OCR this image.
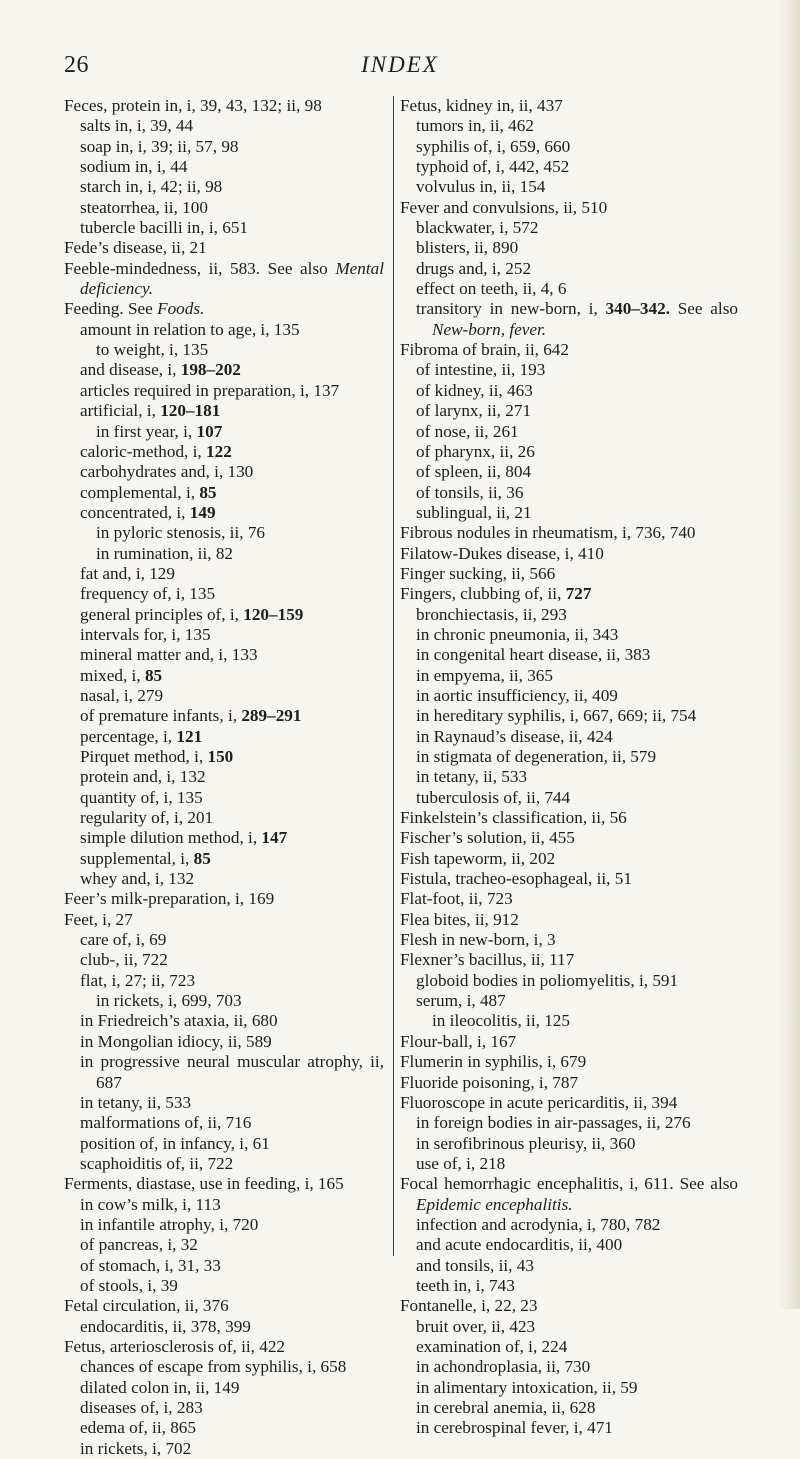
26	INDEX
Feces, protein in, i, 39, 43, 132; ii, 98
salts in, i, 39, 44
soap in, i, 39; ii, 57, 98
sodium in, i, 44
starch in, i, 42; ii, 98
steatorrhea, ii, 100
tubercle bacilli in, i, 651
Fede’s disease, ii, 21
Feeble-mindedness, ii, 583. See also Mental deficiency.
Feeding. See Foods.
amount in relation to age, i, 135
to weight, i, 135
and disease, i, 198–202
articles required in preparation, i, 137
artificial, i, 120–181
in first year, i, 107
caloric-method, i, 122
carbohydrates and, i, 130
complemental, i, 85
concentrated, i, 149
in pyloric stenosis, ii, 76
in rumination, ii, 82
fat and, i, 129
frequency of, i, 135
general principles of, i, 120–159
intervals for, i, 135
mineral matter and, i, 133
mixed, i, 85
nasal, i, 279
of premature infants, i, 289–291
percentage, i, 121
Pirquet method, i, 150
protein and, i, 132
quantity of, i, 135
regularity of, i, 201
simple dilution method, i, 147
supplemental, i, 85
whey and, i, 132
Feer’s milk-preparation, i, 169
Feet, i, 27
care of, i, 69
club-, ii, 722
flat, i, 27; ii, 723
in rickets, i, 699, 703
in Friedreich’s ataxia, ii, 680
in Mongolian idiocy, ii, 589
in progressive neural muscular atrophy, ii, 687
in tetany, ii, 533
malformations of, ii, 716
position of, in infancy, i, 61
scaphoiditis of, ii, 722
Ferments, diastase, use in feeding, i, 165
in cow’s milk, i, 113
in infantile atrophy, i, 720
of pancreas, i, 32
of stomach, i, 31, 33
of stools, i, 39
Fetal circulation, ii, 376
endocarditis, ii, 378, 399
Fetus, arteriosclerosis of, ii, 422
chances of escape from syphilis, i, 658
dilated colon in, ii, 149
diseases of, i, 283
edema of, ii, 865
in rickets, i, 702
Fetus, kidney in, ii, 437
tumors in, ii, 462
syphilis of, i, 659, 660
typhoid of, i, 442, 452
volvulus in, ii, 154
Fever and convulsions, ii, 510
blackwater, i, 572
blisters, ii, 890
drugs and, i, 252
effect on teeth, ii, 4, 6
transitory in new-born, i, 340–342. See also New-born, fever.
Fibroma of brain, ii, 642
of intestine, ii, 193
of kidney, ii, 463
of larynx, ii, 271
of nose, ii, 261
of pharynx, ii, 26
of spleen, ii, 804
of tonsils, ii, 36
sublingual, ii, 21
Fibrous nodules in rheumatism, i, 736, 740
Filatow-Dukes disease, i, 410
Finger sucking, ii, 566
Fingers, clubbing of, ii, 727
bronchiectasis, ii, 293
in chronic pneumonia, ii, 343
in congenital heart disease, ii, 383
in empyema, ii, 365
in aortic insufficiency, ii, 409
in hereditary syphilis, i, 667, 669; ii, 754
in Raynaud’s disease, ii, 424
in stigmata of degeneration, ii, 579
in tetany, ii, 533
tuberculosis of, ii, 744
Finkelstein’s classification, ii, 56
Fischer’s solution, ii, 455
Fish tapeworm, ii, 202
Fistula, tracheo-esophageal, ii, 51
Flat-foot, ii, 723
Flea bites, ii, 912
Flesh in new-born, i, 3
Flexner’s bacillus, ii, 117
globoid bodies in poliomyelitis, i, 591
serum, i, 487
in ileocolitis, ii, 125
Flour-ball, i, 167
Flumerin in syphilis, i, 679
Fluoride poisoning, i, 787
Fluoroscope in acute pericarditis, ii, 394
in foreign bodies in air-passages, ii, 276
in serofibrinous pleurisy, ii, 360
use of, i, 218
Focal hemorrhagic encephalitis, i, 611. See also Epidemic encephalitis.
infection and acrodynia, i, 780, 782
and acute endocarditis, ii, 400
and tonsils, ii, 43
teeth in, i, 743
Fontanelle, i, 22, 23
bruit over, ii, 423
examination of, i, 224
in achondroplasia, ii, 730
in alimentary intoxication, ii, 59
in cerebral anemia, ii, 628
in cerebrospinal fever, i, 471
